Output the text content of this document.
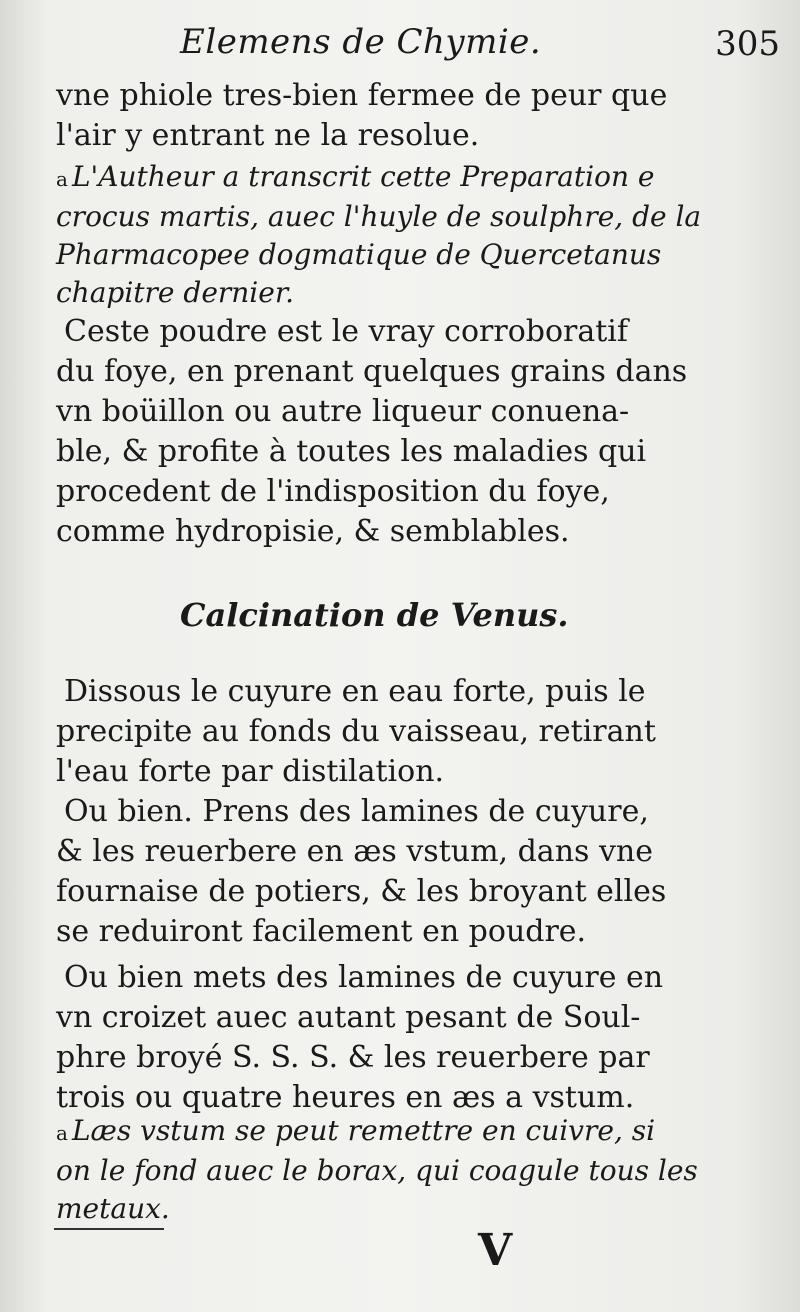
Elemens de Chymie.	305
vne phiole tres-bien fermee de peur que
l'air y entrant ne la resolue.
a L'Autheur a transcrit cette Preparation e
crocus martis, auec l'huyle de soulphre, de la
Pharmacopee dogmatique de Quercetanus
chapitre dernier.
Ceste poudre est le vray corroboratif
du foye, en prenant quelques grains dans
vn boüillon ou autre liqueur conuena-
ble, & profite à toutes les maladies qui
procedent de l'indisposition du foye,
comme hydropisie, & semblables.
Calcination de Venus.
Dissous le cuyure en eau forte, puis le
precipite au fonds du vaisseau, retirant
l'eau forte par distilation.
Ou bien. Prens des lamines de cuyure,
& les reuerbere en æs vstum, dans vne
fournaise de potiers, & les broyant elles
se reduiront facilement en poudre.
Ou bien mets des lamines de cuyure en
vn croizet auec autant pesant de Soul-
phre broyé S. S. S. & les reuerbere par
trois ou quatre heures en æs a vstum.
a Læs vstum se peut remettre en cuivre, si
on le fond auec le borax, qui coagule tous les
metaux.
V
